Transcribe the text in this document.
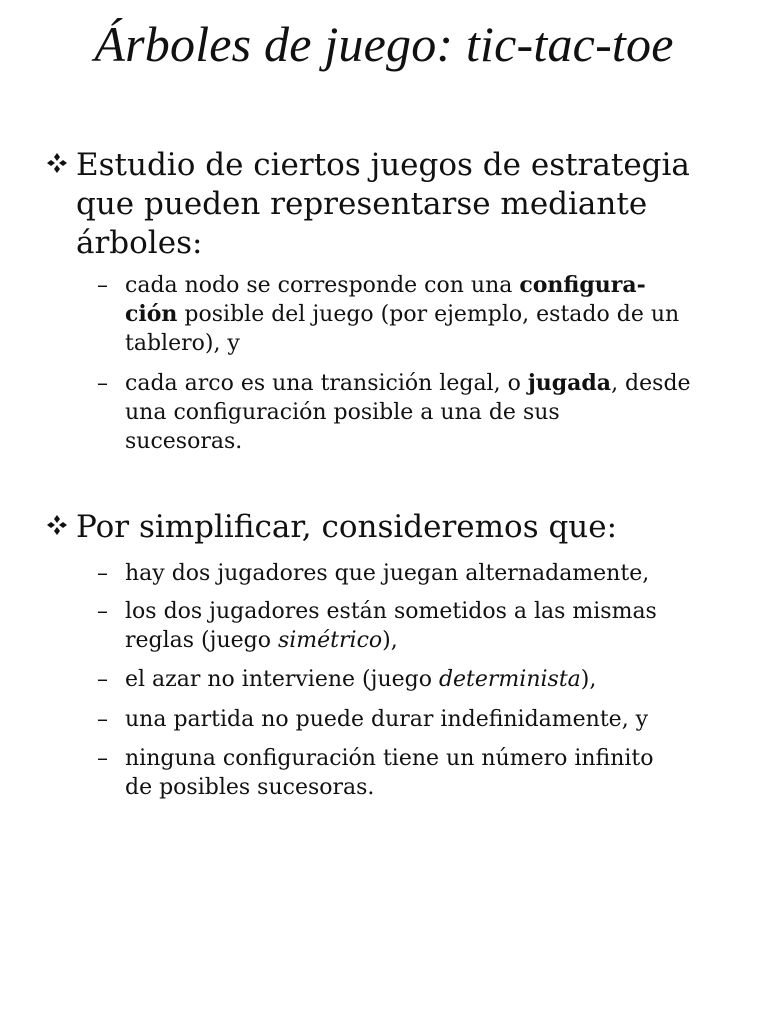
Árboles de juego: tic-tac-toe
Estudio de ciertos juegos de estrategia
que pueden representarse mediante
árboles:
– cada nodo se corresponde con una configura-
ción posible del juego (por ejemplo, estado de un
tablero), y
– cada arco es una transición legal, o jugada, desde
una configuración posible a una de sus
sucesoras.
Por simplificar, consideremos que:
– hay dos jugadores que juegan alternadamente,
– los dos jugadores están sometidos a las mismas
reglas (juego simétrico),
– el azar no interviene (juego determinista),
– una partida no puede durar indefinidamente, y
– ninguna configuración tiene un número infinito
de posibles sucesoras.
